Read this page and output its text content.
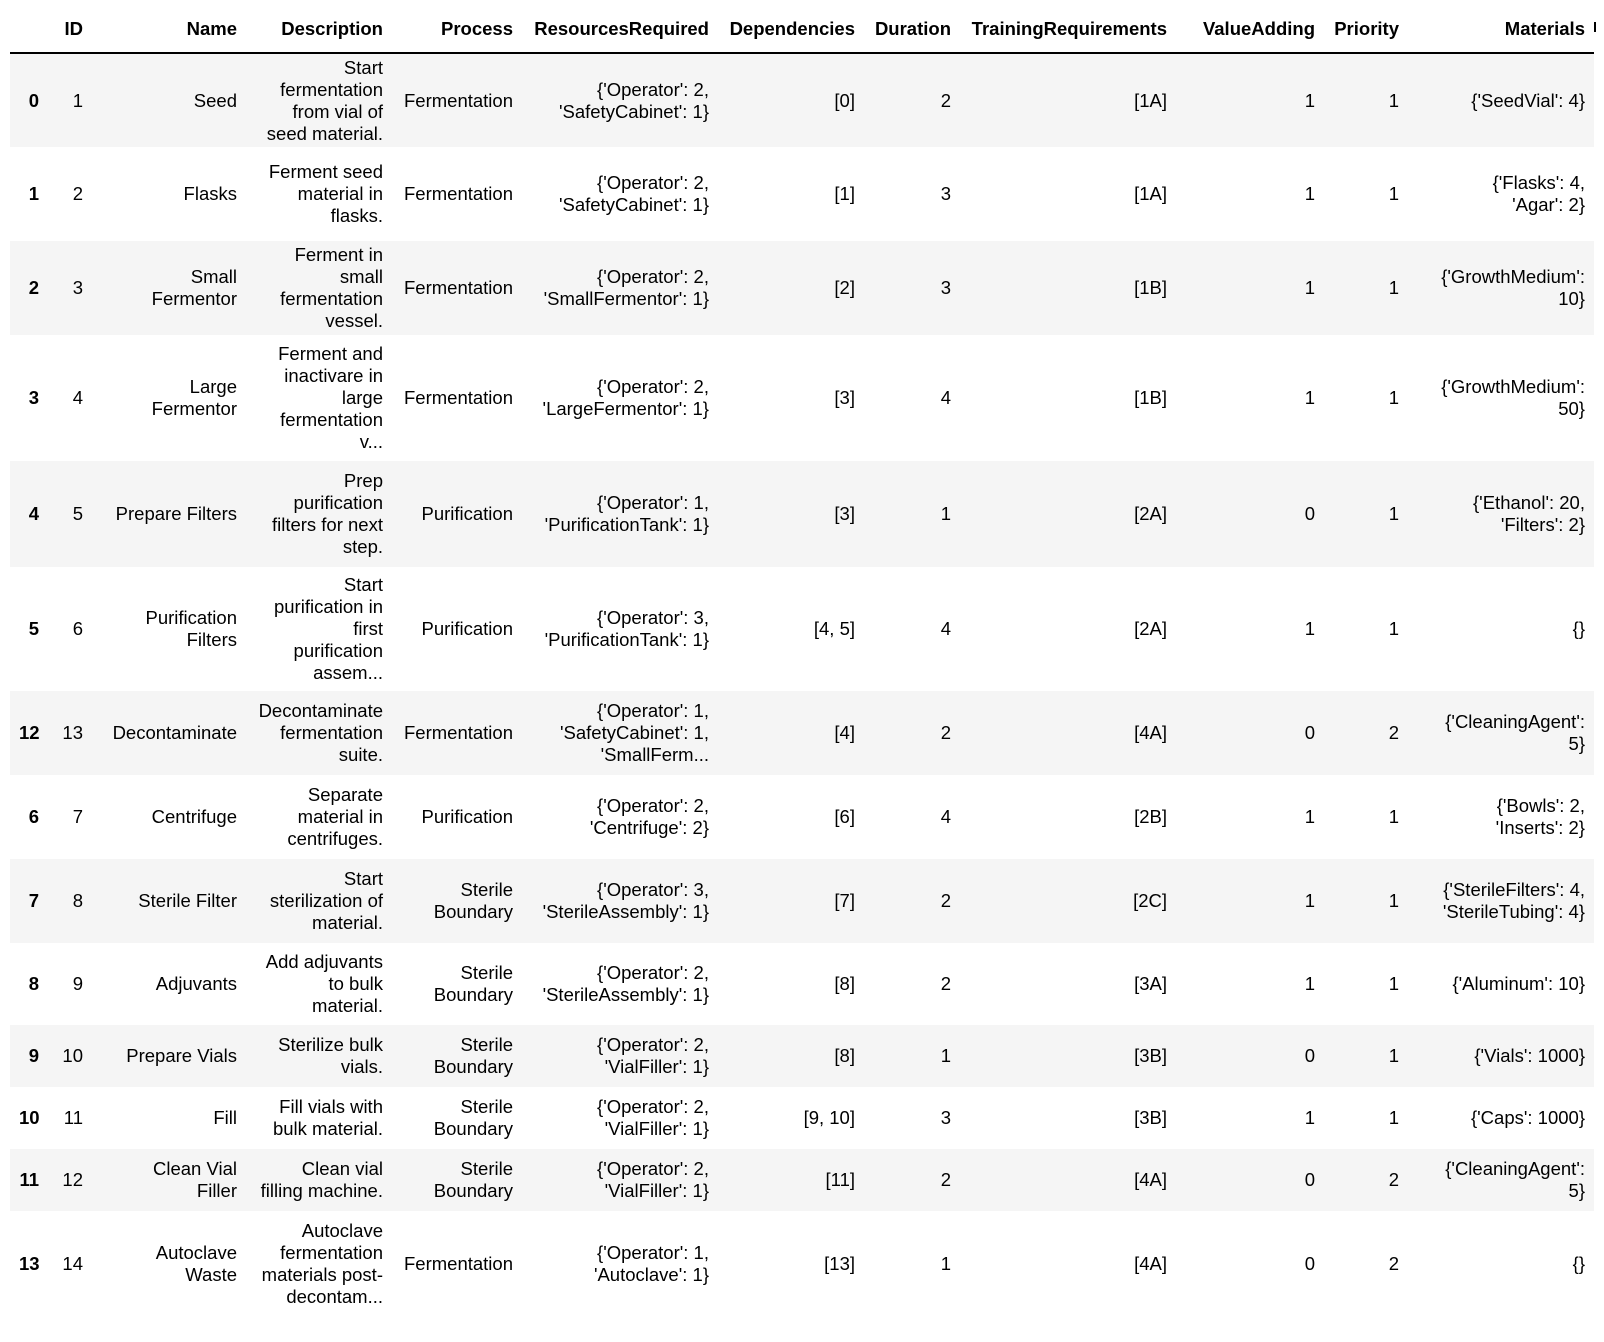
	ID	Name	Description	Process	ResourcesRequired	Dependencies	Duration	TrainingRequirements	ValueAdding	Priority	Materials
0	1	Seed	Start
fermentation
from vial of
seed material.	Fermentation	{'Operator': 2,
'SafetyCabinet': 1}	[0]	2	[1A]	1	1	{'SeedVial': 4}

1	2	Flasks	Ferment seed
material in
flasks.	Fermentation	{'Operator': 2,
'SafetyCabinet': 1}	[1]	3	[1A]	1	1	{'Flasks': 4,
'Agar': 2}

2	3	Small
Fermentor	Ferment in
small
fermentation
vessel.	Fermentation	{'Operator': 2,
'SmallFermentor': 1}	[2]	3	[1B]	1	1	{'GrowthMedium':
10}

3	4	Large
Fermentor	Ferment and
inactivare in
large
fermentation
v...	Fermentation	{'Operator': 2,
'LargeFermentor': 1}	[3]	4	[1B]	1	1	{'GrowthMedium':
50}

4	5	Prepare Filters	Prep
purification
filters for next
step.	Purification	{'Operator': 1,
'PurificationTank': 1}	[3]	1	[2A]	0	1	{'Ethanol': 20,
'Filters': 2}

5	6	Purification
Filters	Start
purification in
first
purification
assem...	Purification	{'Operator': 3,
'PurificationTank': 1}	[4, 5]	4	[2A]	1	1	{}

12	13	Decontaminate	Decontaminate
fermentation
suite.	Fermentation	{'Operator': 1,
'SafetyCabinet': 1,
'SmallFerm...	[4]	2	[4A]	0	2	{'CleaningAgent':
5}

6	7	Centrifuge	Separate
material in
centrifuges.	Purification	{'Operator': 2,
'Centrifuge': 2}	[6]	4	[2B]	1	1	{'Bowls': 2,
'Inserts': 2}

7	8	Sterile Filter	Start
sterilization of
material.	Sterile
Boundary	{'Operator': 3,
'SterileAssembly': 1}	[7]	2	[2C]	1	1	{'SterileFilters': 4,
'SterileTubing': 4}

8	9	Adjuvants	Add adjuvants
to bulk
material.	Sterile
Boundary	{'Operator': 2,
'SterileAssembly': 1}	[8]	2	[3A]	1	1	{'Aluminum': 10}

9	10	Prepare Vials	Sterilize bulk
vials.	Sterile
Boundary	{'Operator': 2,
'VialFiller': 1}	[8]	1	[3B]	0	1	{'Vials': 1000}

10	11	Fill	Fill vials with
bulk material.	Sterile
Boundary	{'Operator': 2,
'VialFiller': 1}	[9, 10]	3	[3B]	1	1	{'Caps': 1000}

11	12	Clean Vial
Filler	Clean vial
filling machine.	Sterile
Boundary	{'Operator': 2,
'VialFiller': 1}	[11]	2	[4A]	0	2	{'CleaningAgent':
5}

13	14	Autoclave
Waste	Autoclave
fermentation
materials post-
decontam...	Fermentation	{'Operator': 1,
'Autoclave': 1}	[13]	1	[4A]	0	2	{}
